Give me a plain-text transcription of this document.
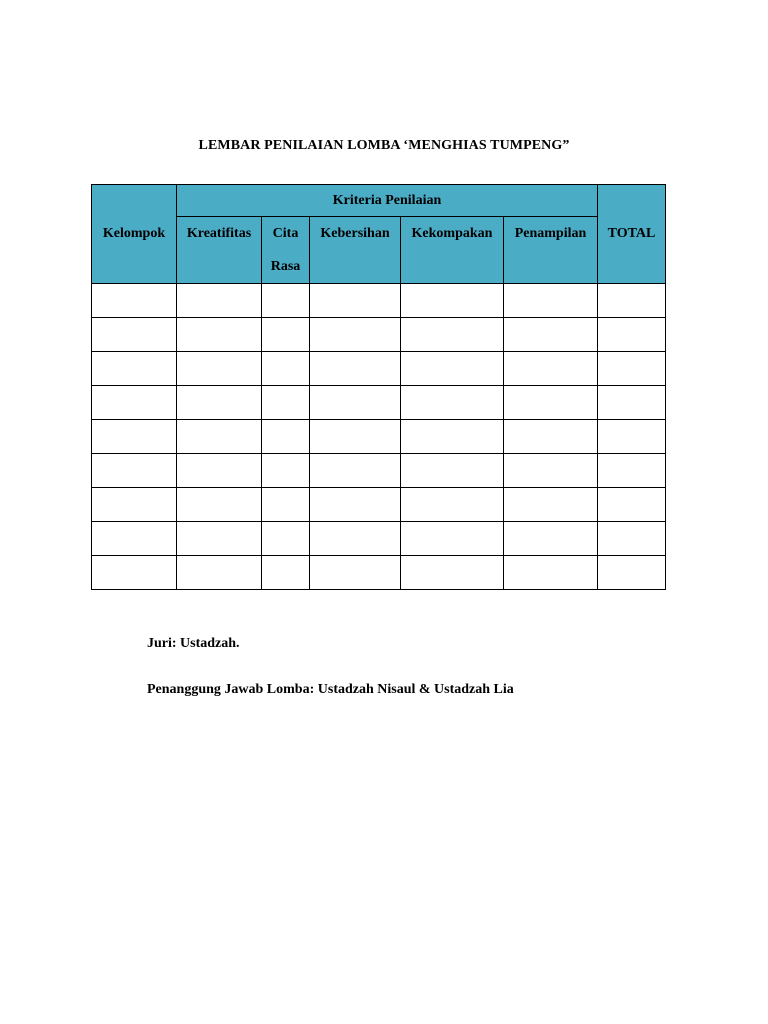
LEMBAR PENILAIAN LOMBA ‘MENGHIAS TUMPENG”
Kelompok	Kriteria Penilaian					TOTAL
	Kreatifitas	Cita Rasa	Kebersihan	Kekompakan	Penampilan	

Juri: Ustadzah.
Penanggung Jawab Lomba: Ustadzah Nisaul & Ustadzah Lia
